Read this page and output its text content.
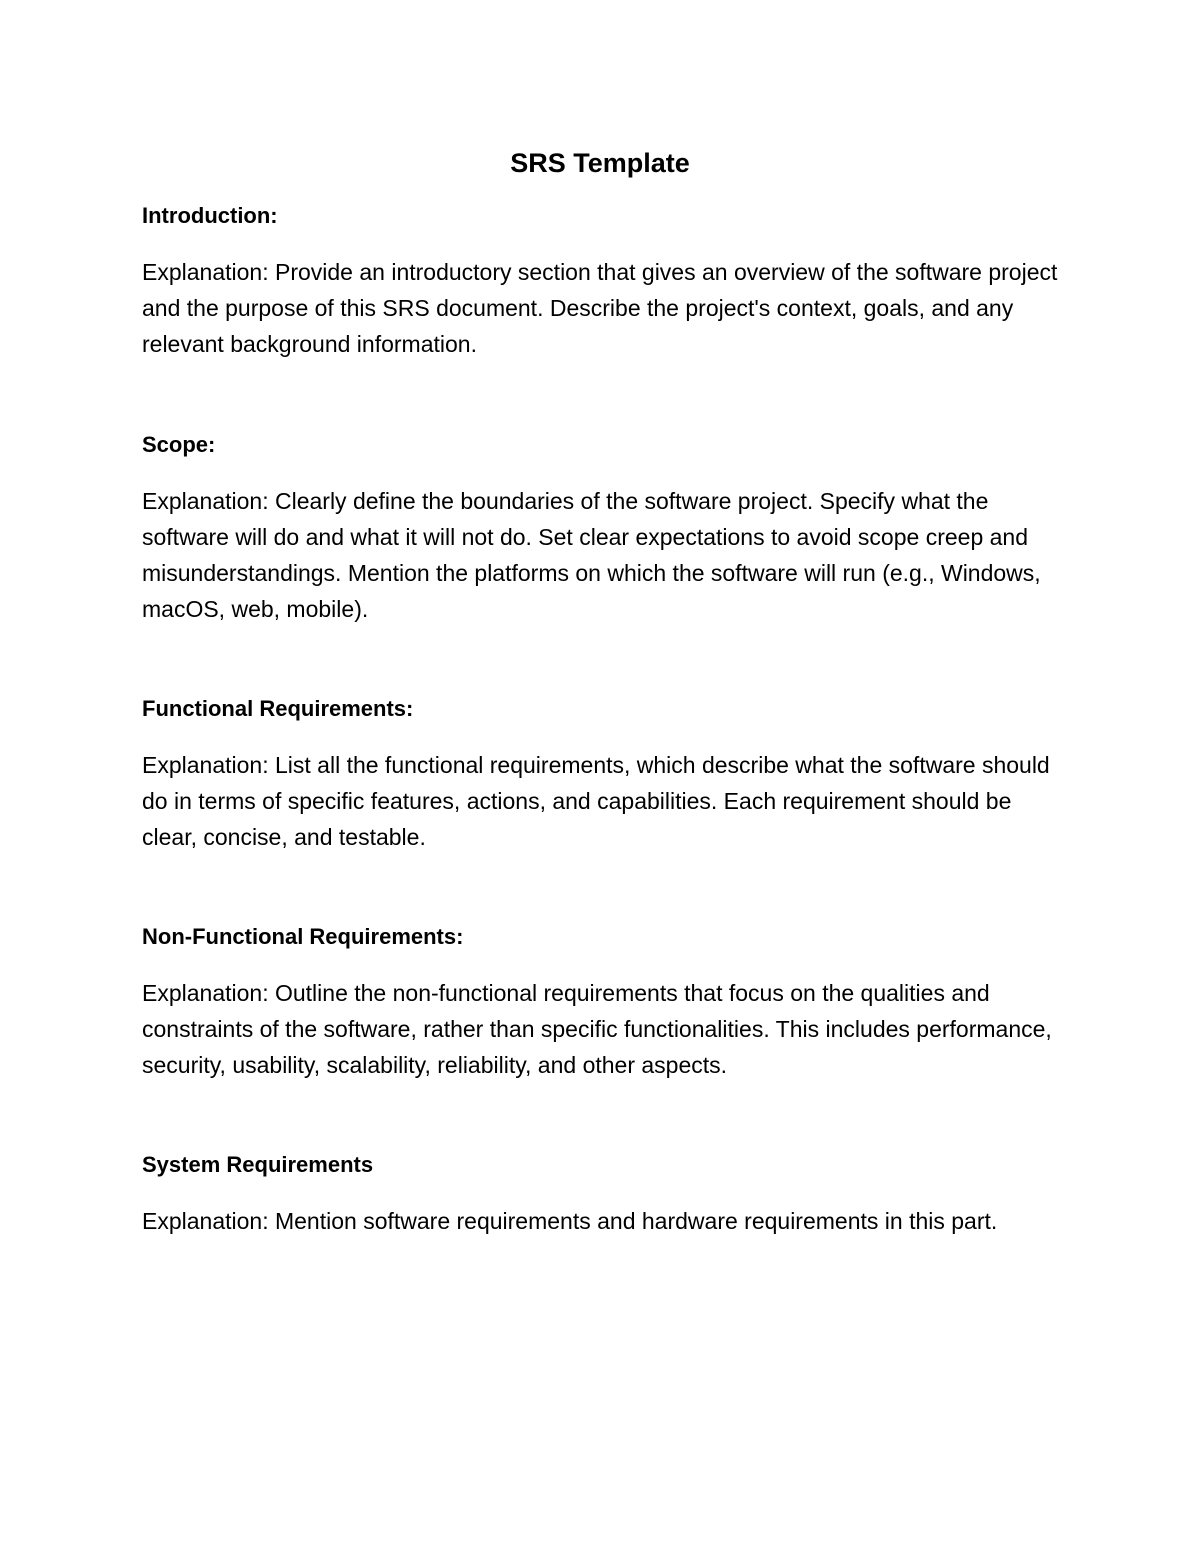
SRS Template

Introduction:

Explanation: Provide an introductory section that gives an overview of the software project and the purpose of this SRS document. Describe the project's context, goals, and any relevant background information.

Scope:

Explanation: Clearly define the boundaries of the software project. Specify what the software will do and what it will not do. Set clear expectations to avoid scope creep and misunderstandings. Mention the platforms on which the software will run (e.g., Windows, macOS, web, mobile).

Functional Requirements:

Explanation: List all the functional requirements, which describe what the software should do in terms of specific features, actions, and capabilities. Each requirement should be clear, concise, and testable.

Non-Functional Requirements:

Explanation: Outline the non-functional requirements that focus on the qualities and constraints of the software, rather than specific functionalities. This includes performance, security, usability, scalability, reliability, and other aspects.

System Requirements

Explanation: Mention software requirements and hardware requirements in this part.
